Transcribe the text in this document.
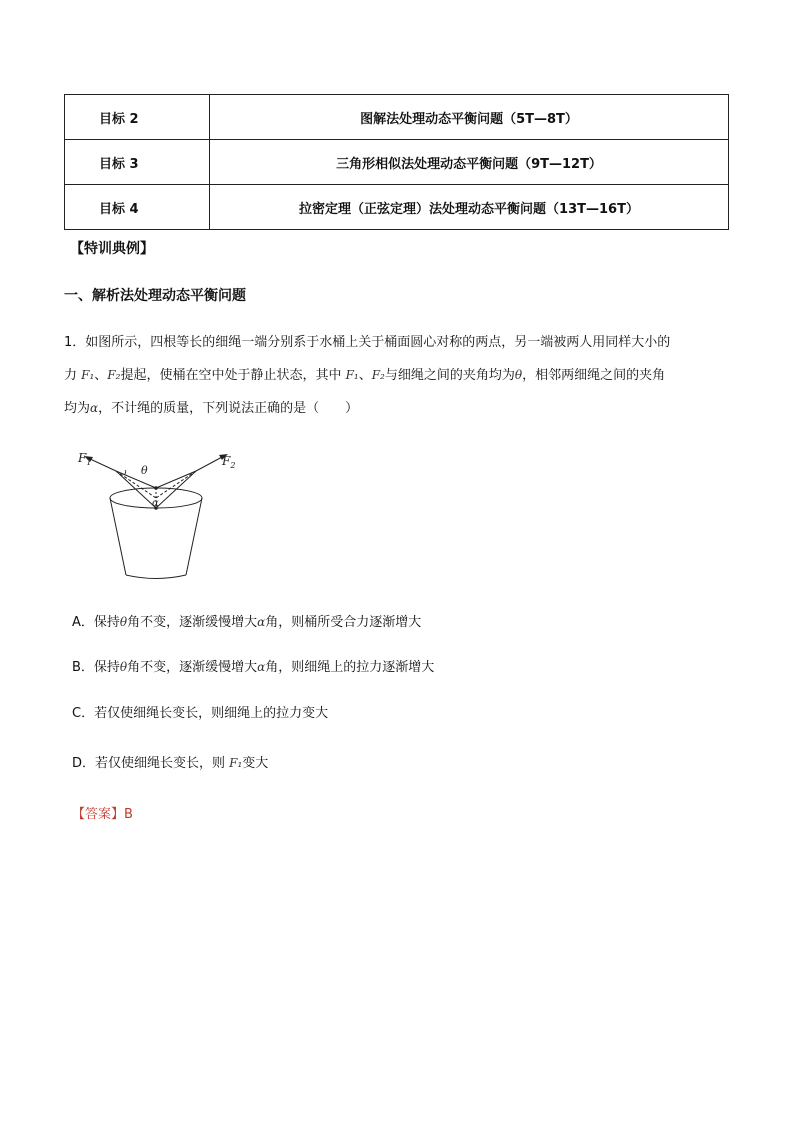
目标 2	图解法处理动态平衡问题（5T—8T）
目标 3	三角形相似法处理动态平衡问题（9T—12T）
目标 4	拉密定理（正弦定理）法处理动态平衡问题（13T—16T）
【特训典例】
一、解析法处理动态平衡问题
1．如图所示，四根等长的细绳一端分别系于水桶上关于桶面圆心对称的两点，另一端被两人用同样大小的
力 F₁、F₂提起，使桶在空中处于静止状态，其中 F₁、F₂与细绳之间的夹角均为θ，相邻两细绳之间的夹角
均为α，不计绳的质量，下列说法正确的是（　　）
$F_1$	$F_2$
θ
α
A．保持θ角不变，逐渐缓慢增大α角，则桶所受合力逐渐增大
B．保持θ角不变，逐渐缓慢增大α角，则细绳上的拉力逐渐增大
C．若仅使细绳长变长，则细绳上的拉力变大
D．若仅使细绳长变长，则 F₁变大
【答案】B
